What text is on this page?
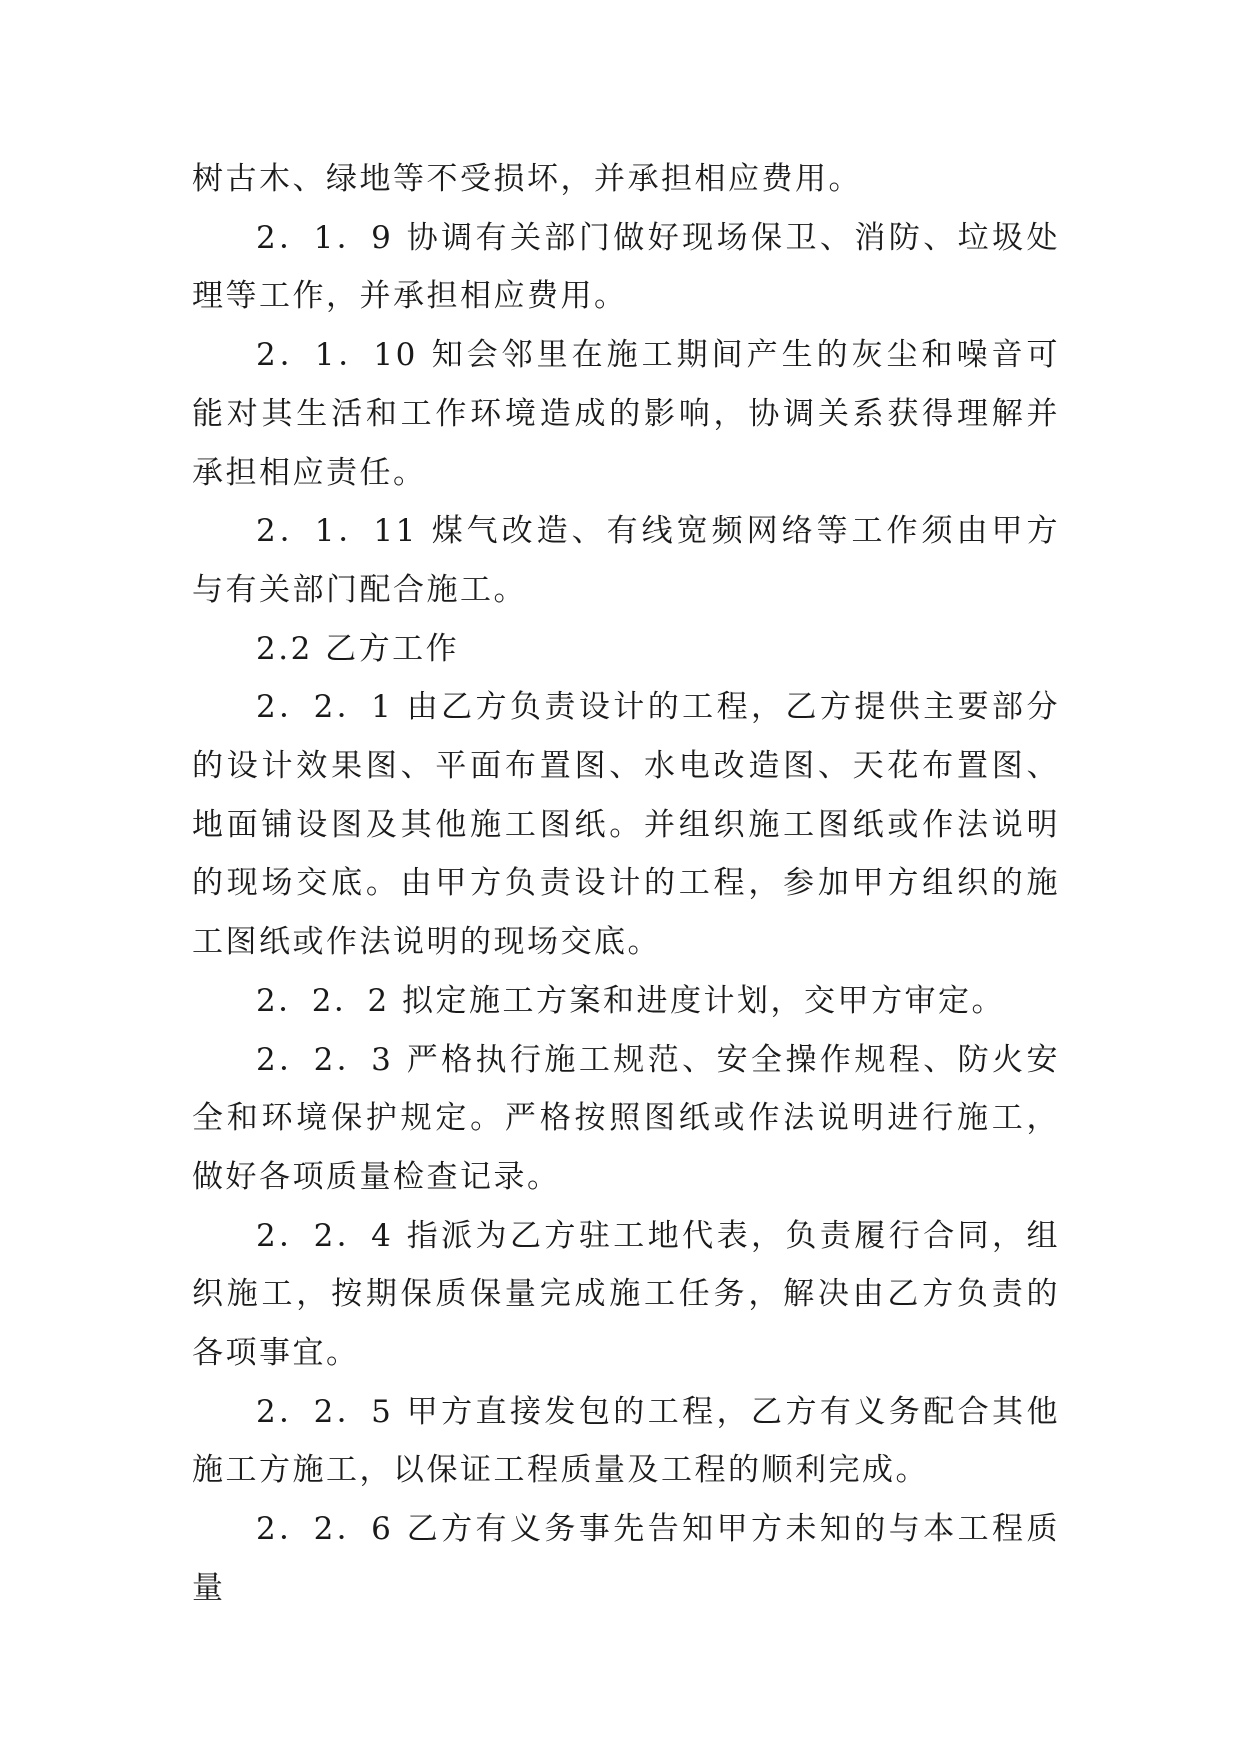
树古木、绿地等不受损坏，并承担相应费用。

2．1．9 协调有关部门做好现场保卫、消防、垃圾处理等工作，并承担相应费用。

2．1．10 知会邻里在施工期间产生的灰尘和噪音可能对其生活和工作环境造成的影响，协调关系获得理解并承担相应责任。

2．1．11 煤气改造、有线宽频网络等工作须由甲方与有关部门配合施工。

2.2 乙方工作

2．2．1 由乙方负责设计的工程，乙方提供主要部分的设计效果图、平面布置图、水电改造图、天花布置图、地面铺设图及其他施工图纸。并组织施工图纸或作法说明的现场交底。由甲方负责设计的工程，参加甲方组织的施工图纸或作法说明的现场交底。

2．2．2 拟定施工方案和进度计划，交甲方审定。

2．2．3 严格执行施工规范、安全操作规程、防火安全和环境保护规定。严格按照图纸或作法说明进行施工，做好各项质量检查记录。

2．2．4 指派为乙方驻工地代表，负责履行合同，组织施工，按期保质保量完成施工任务，解决由乙方负责的各项事宜。

2．2．5 甲方直接发包的工程，乙方有义务配合其他施工方施工，以保证工程质量及工程的顺利完成。

2．2．6 乙方有义务事先告知甲方未知的与本工程质量
